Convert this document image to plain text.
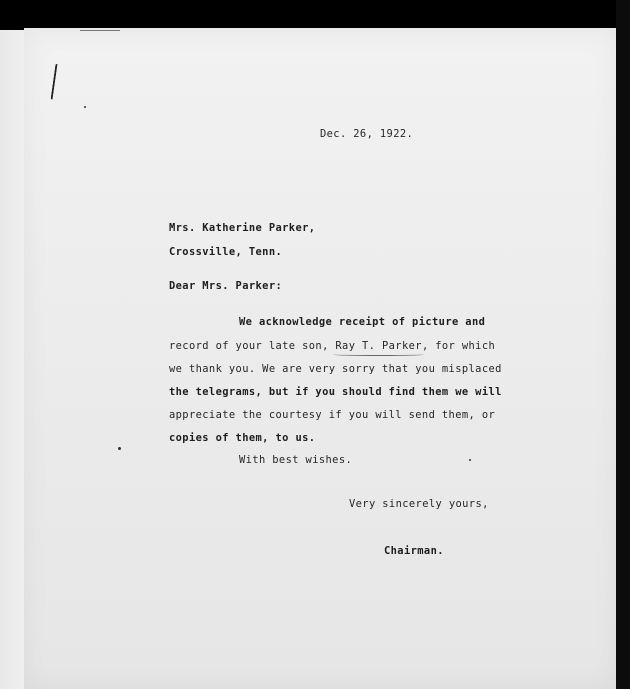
Dec. 26, 1922.
Mrs. Katherine Parker,
Crossville, Tenn.
Dear Mrs. Parker:
We acknowledge receipt of picture and
record of your late son, Ray T. Parker, for which
we thank you. We are very sorry that you misplaced
the telegrams, but if you should find them we will
appreciate the courtesy if you will send them, or
copies of them, to us.
With best wishes.
Very sincerely yours,
Chairman.
